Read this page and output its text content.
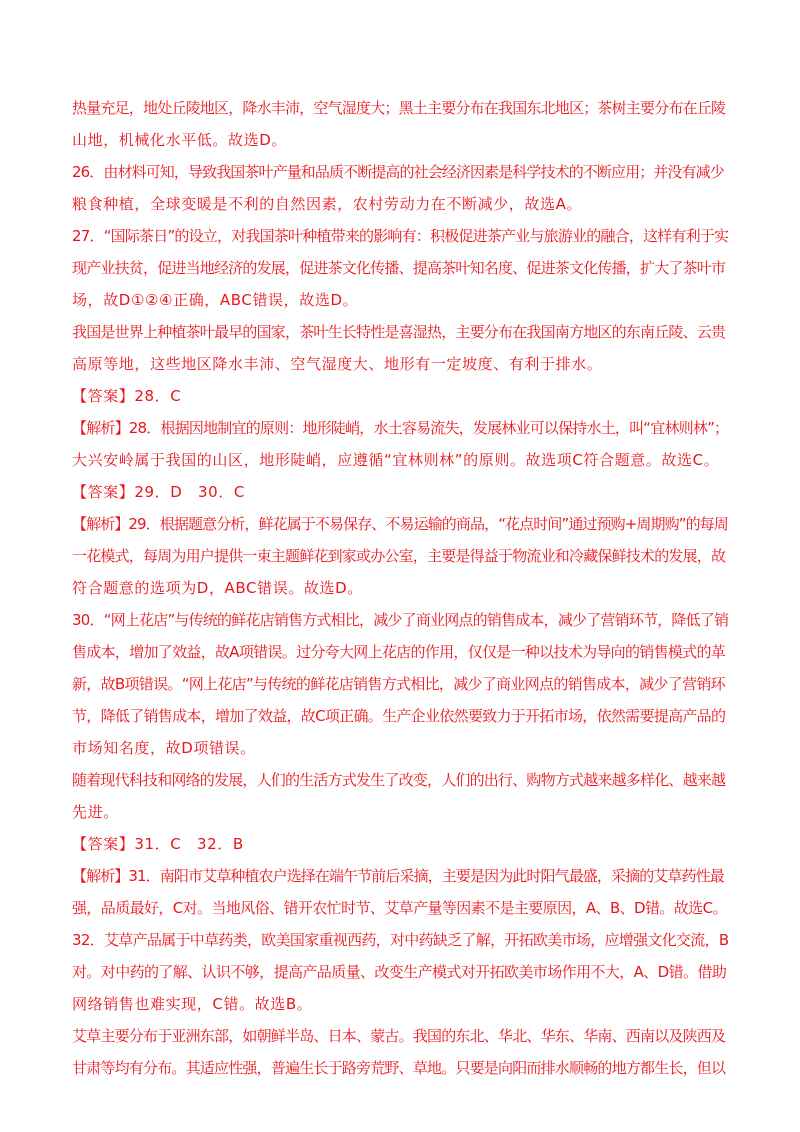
热量充足，地处丘陵地区，降水丰沛，空气湿度大；黑土主要分布在我国东北地区；茶树主要分布在丘陵
山地，机械化水平低。故选D。
26．由材料可知，导致我国茶叶产量和品质不断提高的社会经济因素是科学技术的不断应用；并没有减少
粮食种植，全球变暖是不利的自然因素，农村劳动力在不断减少，故选A。
27．“国际茶日”的设立，对我国茶叶种植带来的影响有：积极促进茶产业与旅游业的融合，这样有利于实
现产业扶贫，促进当地经济的发展，促进茶文化传播、提高茶叶知名度、促进茶文化传播，扩大了茶叶市
场，故D①②④正确，ABC错误，故选D。
我国是世界上种植茶叶最早的国家，茶叶生长特性是喜湿热，主要分布在我国南方地区的东南丘陵、云贵
高原等地，这些地区降水丰沛、空气湿度大、地形有一定坡度、有利于排水。
【答案】28．C
【解析】28．根据因地制宜的原则：地形陡峭，水土容易流失，发展林业可以保持水土，叫“宜林则林”；
大兴安岭属于我国的山区，地形陡峭，应遵循“宜林则林”的原则。故选项C符合题意。故选C。
【答案】29．D　30．C
【解析】29．根据题意分析，鲜花属于不易保存、不易运输的商品，“花点时间”通过预购+周期购”的每周
一花模式，每周为用户提供一束主题鲜花到家或办公室，主要是得益于物流业和冷藏保鲜技术的发展，故
符合题意的选项为D，ABC错误。故选D。
30．“网上花店”与传统的鲜花店销售方式相比，减少了商业网点的销售成本，减少了营销环节，降低了销
售成本，增加了效益，故A项错误。过分夸大网上花店的作用，仅仅是一种以技术为导向的销售模式的革
新，故B项错误。“网上花店”与传统的鲜花店销售方式相比，减少了商业网点的销售成本，减少了营销环
节，降低了销售成本，增加了效益，故C项正确。生产企业依然要致力于开拓市场，依然需要提高产品的
市场知名度，故D项错误。
随着现代科技和网络的发展，人们的生活方式发生了改变，人们的出行、购物方式越来越多样化、越来越
先进。
【答案】31．C　32．B
【解析】31．南阳市艾草种植农户选择在端午节前后采摘，主要是因为此时阳气最盛，采摘的艾草药性最
强，品质最好，C对。当地风俗、错开农忙时节、艾草产量等因素不是主要原因，A、B、D错。故选C。
32．艾草产品属于中草药类，欧美国家重视西药，对中药缺乏了解，开拓欧美市场，应增强文化交流，B
对。对中药的了解、认识不够，提高产品质量、改变生产模式对开拓欧美市场作用不大，A、D错。借助
网络销售也难实现，C错。故选B。
艾草主要分布于亚洲东部，如朝鲜半岛、日本、蒙古。我国的东北、华北、华东、华南、西南以及陕西及
甘肃等均有分布。其适应性强，普遍生长于路旁荒野、草地。只要是向阳而排水顺畅的地方都生长，但以
